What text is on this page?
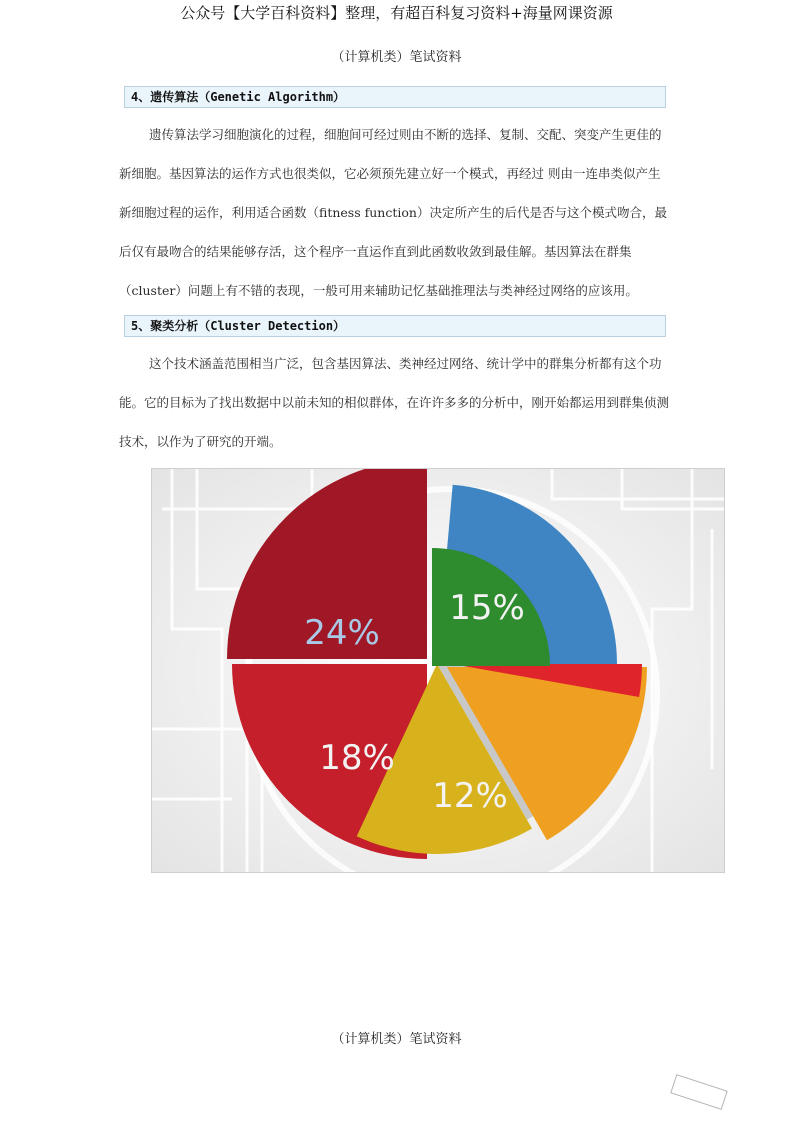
公众号【大学百科资料】整理，有超百科复习资料+海量网课资源
（计算机类）笔试资料
4、遗传算法（Genetic Algorithm）
遗传算法学习细胞演化的过程，细胞间可经过则由不断的选择、复制、交配、突变产生更佳的
新细胞。基因算法的运作方式也很类似，它必须预先建立好一个模式，再经过 则由一连串类似产生
新细胞过程的运作，利用适合函数（fitness function）决定所产生的后代是否与这个模式吻合，最
后仅有最吻合的结果能够存活，这个程序一直运作直到此函数收敛到最佳解。基因算法在群集
（cluster）问题上有不错的表现，一般可用来辅助记忆基础推理法与类神经过网络的应该用。
5、聚类分析（Cluster Detection）
这个技术涵盖范围相当广泛，包含基因算法、类神经过网络、统计学中的群集分析都有这个功
能。它的目标为了找出数据中以前未知的相似群体，在许许多多的分析中，刚开始都运用到群集侦测
技术，以作为了研究的开端。
24%
15%
18%
12%
（计算机类）笔试资料
